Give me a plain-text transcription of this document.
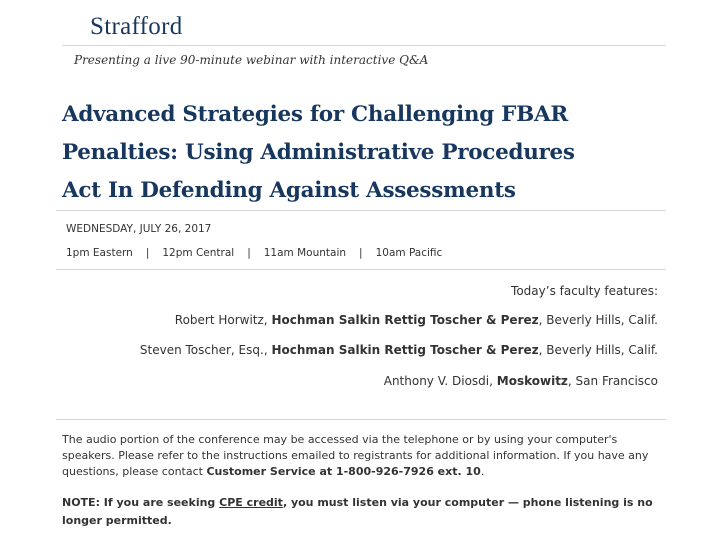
Strafford
Presenting a live 90-minute webinar with interactive Q&A
Advanced Strategies for Challenging FBAR
Penalties: Using Administrative Procedures
Act In Defending Against Assessments
WEDNESDAY, JULY 26, 2017
1pm Eastern | 12pm Central | 11am Mountain | 10am Pacific
Today’s faculty features:
Robert Horwitz, Hochman Salkin Rettig Toscher & Perez, Beverly Hills, Calif.
Steven Toscher, Esq., Hochman Salkin Rettig Toscher & Perez, Beverly Hills, Calif.
Anthony V. Diosdi, Moskowitz, San Francisco

The audio portion of the conference may be accessed via the telephone or by using your computer's speakers. Please refer to the instructions emailed to registrants for additional information. If you have any questions, please contact Customer Service at 1-800-926-7926 ext. 10.

NOTE: If you are seeking CPE credit, you must listen via your computer — phone listening is no longer permitted.
